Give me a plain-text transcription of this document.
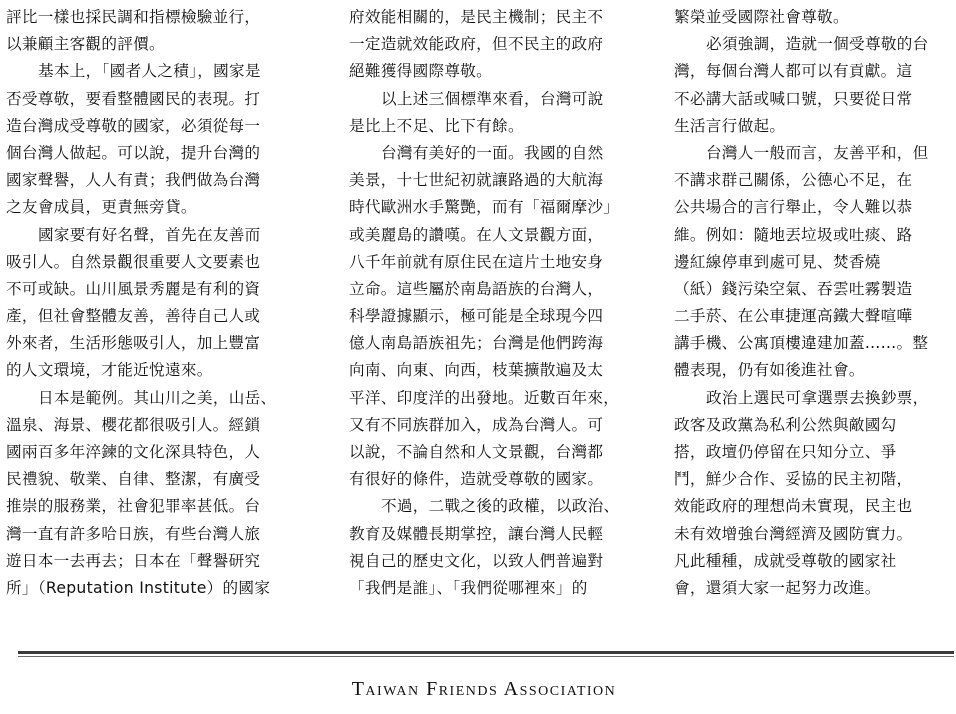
評比一樣也採民調和指標檢驗並行，
以兼顧主客觀的評價。
基本上，「國者人之積」，國家是
否受尊敬，要看整體國民的表現。打
造台灣成受尊敬的國家，必須從每一
個台灣人做起。可以說，提升台灣的
國家聲譽，人人有責；我們做為台灣
之友會成員，更責無旁貸。
國家要有好名聲，首先在友善而
吸引人。自然景觀很重要人文要素也
不可或缺。山川風景秀麗是有利的資
產，但社會整體友善，善待自己人或
外來者，生活形態吸引人，加上豐富
的人文環境，才能近悅遠來。
日本是範例。其山川之美，山岳、
溫泉、海景、櫻花都很吸引人。經鎖
國兩百多年淬鍊的文化深具特色，人
民禮貌、敬業、自律、整潔，有廣受
推崇的服務業，社會犯罪率甚低。台
灣一直有許多哈日族，有些台灣人旅
遊日本一去再去；日本在「聲譽研究
所」（Reputation Institute）的國家
府效能相關的，是民主機制；民主不
一定造就效能政府，但不民主的政府
絕難獲得國際尊敬。
以上述三個標準來看，台灣可說
是比上不足、比下有餘。
台灣有美好的一面。我國的自然
美景，十七世紀初就讓路過的大航海
時代歐洲水手驚艷，而有「福爾摩沙」
或美麗島的讚嘆。在人文景觀方面，
八千年前就有原住民在這片土地安身
立命。這些屬於南島語族的台灣人，
科學證據顯示，極可能是全球現今四
億人南島語族祖先；台灣是他們跨海
向南、向東、向西，枝葉擴散遍及太
平洋、印度洋的出發地。近數百年來，
又有不同族群加入，成為台灣人。可
以說，不論自然和人文景觀，台灣都
有很好的條件，造就受尊敬的國家。
不過，二戰之後的政權，以政治、
教育及媒體長期掌控，讓台灣人民輕
視自己的歷史文化，以致人們普遍對
「我們是誰」、「我們從哪裡來」的
繁榮並受國際社會尊敬。
必須強調，造就一個受尊敬的台
灣，每個台灣人都可以有貢獻。這
不必講大話或喊口號，只要從日常
生活言行做起。
台灣人一般而言，友善平和，但
不講求群己關係，公德心不足，在
公共場合的言行舉止，令人難以恭
維。例如：隨地丟垃圾或吐痰、路
邊紅線停車到處可見、焚香燒
（紙）錢污染空氣、吞雲吐霧製造
二手菸、在公車捷運高鐵大聲喧嘩
講手機、公寓頂樓違建加蓋……。整
體表現，仍有如後進社會。
政治上選民可拿選票去換鈔票，
政客及政黨為私利公然與敵國勾
搭，政壇仍停留在只知分立、爭
鬥，鮮少合作、妥協的民主初階，
效能政府的理想尚未實現，民主也
未有效增強台灣經濟及國防實力。
凡此種種，成就受尊敬的國家社
會，還須大家一起努力改進。
Taiwan Friends Association
